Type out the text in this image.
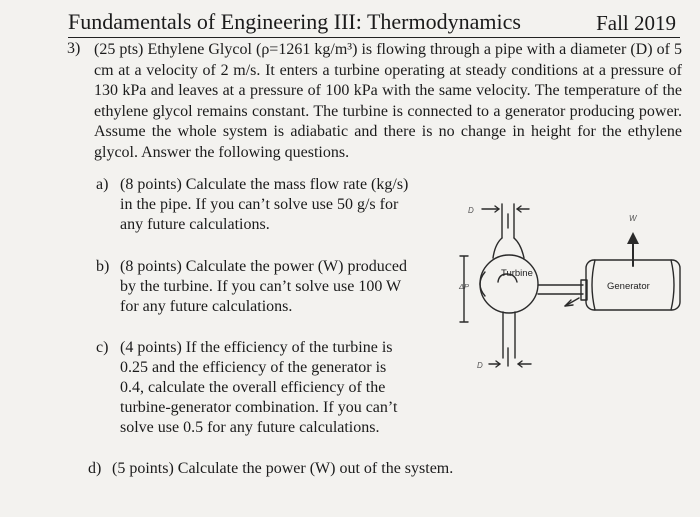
Fundamentals of Engineering III: Thermodynamics	Fall 2019
3) (25 pts) Ethylene Glycol (ρ=1261 kg/m³) is flowing through a pipe with a diameter (D) of 5 cm at a velocity of 2 m/s. It enters a turbine operating at steady conditions at a pressure of 130 kPa and leaves at a pressure of 100 kPa with the same velocity. The temperature of the ethylene glycol remains constant. The turbine is connected to a generator producing power. Assume the whole system is adiabatic and there is no change in height for the ethylene glycol. Answer the following questions.
a) (8 points) Calculate the mass flow rate (kg/s)
in the pipe. If you can’t solve use 50 g/s for
any future calculations.
b) (8 points) Calculate the power (W) produced
by the turbine. If you can’t solve use 100 W
for any future calculations.
c) (4 points) If the efficiency of the turbine is
0.25 and the efficiency of the generator is
0.4, calculate the overall efficiency of the
turbine-generator combination. If you can’t
solve use 0.5 for any future calculations.
d) (5 points) Calculate the power (W) out of the system.
Turbine
Generator
D
D
ΔP
W
